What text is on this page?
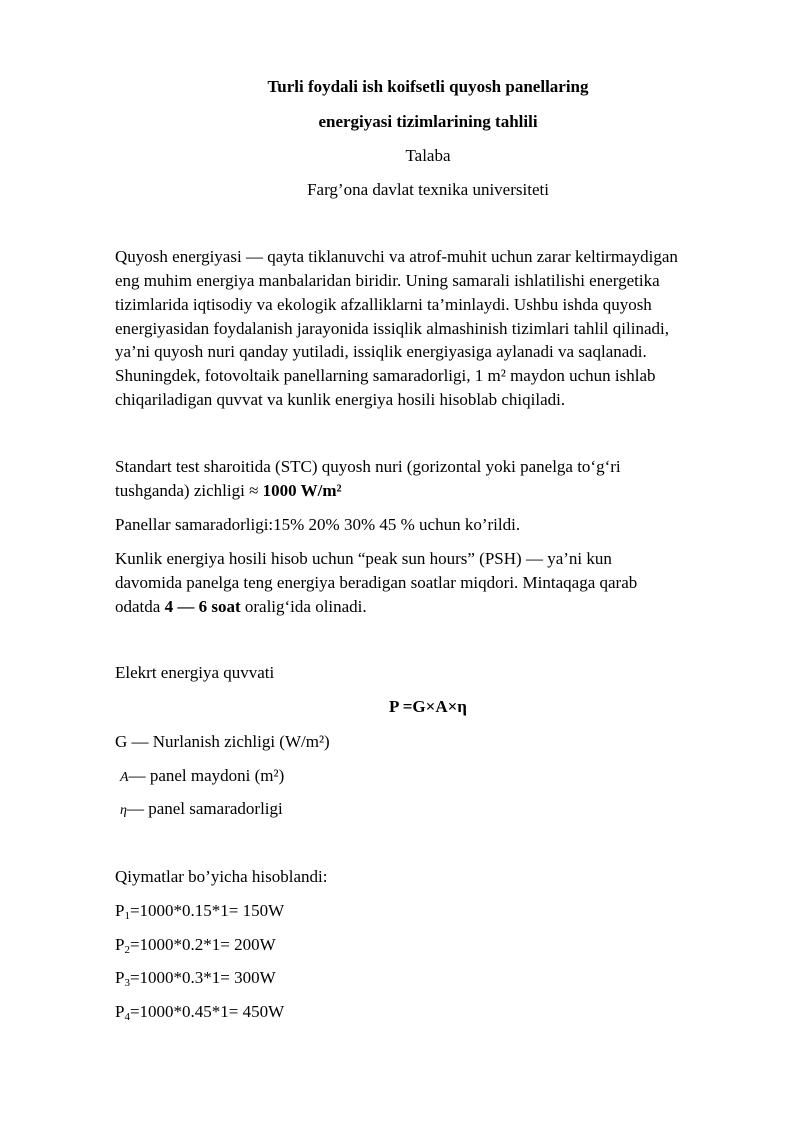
Turli foydali ish koifsetli quyosh panellaring
energiyasi tizimlarining tahlili
Talaba
Farg’ona davlat texnika universiteti
Quyosh energiyasi — qayta tiklanuvchi va atrof-muhit uchun zarar keltirmaydigan
eng muhim energiya manbalaridan biridir. Uning samarali ishlatilishi energetika
tizimlarida iqtisodiy va ekologik afzalliklarni ta’minlaydi. Ushbu ishda quyosh
energiyasidan foydalanish jarayonida issiqlik almashinish tizimlari tahlil qilinadi,
ya’ni quyosh nuri qanday yutiladi, issiqlik energiyasiga aylanadi va saqlanadi.
Shuningdek, fotovoltaik panellarning samaradorligi, 1 m² maydon uchun ishlab
chiqariladigan quvvat va kunlik energiya hosili hisoblab chiqiladi.
Standart test sharoitida (STC) quyosh nuri (gorizontal yoki panelga to‘g‘ri
tushganda) zichligi ≈ 1000 W/m²
Panellar samaradorligi:15% 20% 30% 45 % uchun ko’rildi.
Kunlik energiya hosili hisob uchun “peak sun hours” (PSH) — ya’ni kun
davomida panelga teng energiya beradigan soatlar miqdori. Mintaqaga qarab
odatda 4 — 6 soat oralig‘ida olinadi.
Elekrt energiya quvvati
P =G×A×η
G — Nurlanish zichligi (W/m²)
A— panel maydoni (m²)
η— panel samaradorligi
Qiymatlar bo’yicha hisoblandi:
$P_1=1000*0.15*1= 150W$
$P_2=1000*0.2*1= 200W$
$P_3=1000*0.3*1= 300W$
$P_4=1000*0.45*1= 450W$
